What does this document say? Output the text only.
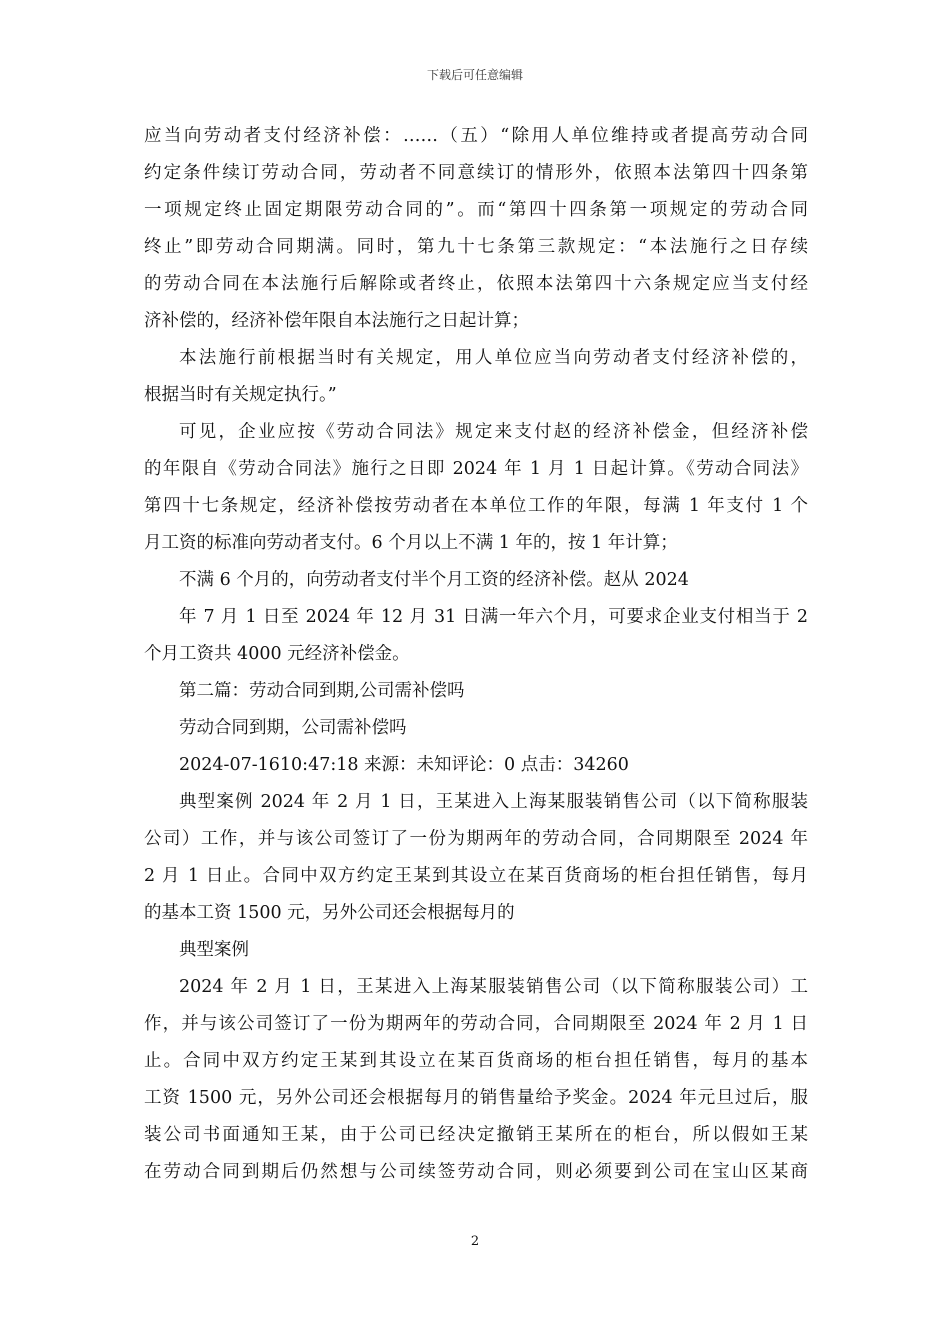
下载后可任意编辑
应当向劳动者支付经济补偿：……（五）“除用人单位维持或者提高劳动合同
约定条件续订劳动合同，劳动者不同意续订的情形外，依照本法第四十四条第
一项规定终止固定期限劳动合同的”。而“第四十四条第一项规定的劳动合同
终止”即劳动合同期满。同时，第九十七条第三款规定：“本法施行之日存续
的劳动合同在本法施行后解除或者终止，依照本法第四十六条规定应当支付经
济补偿的，经济补偿年限自本法施行之日起计算；
本法施行前根据当时有关规定，用人单位应当向劳动者支付经济补偿的，
根据当时有关规定执行。”
可见，企业应按《劳动合同法》规定来支付赵的经济补偿金，但经济补偿
的年限自《劳动合同法》施行之日即 2024 年 1 月 1 日起计算。《劳动合同法》
第四十七条规定，经济补偿按劳动者在本单位工作的年限，每满 1 年支付 1 个
月工资的标准向劳动者支付。6 个月以上不满 1 年的，按 1 年计算；
不满 6 个月的，向劳动者支付半个月工资的经济补偿。赵从 2024
年 7 月 1 日至 2024 年 12 月 31 日满一年六个月，可要求企业支付相当于 2
个月工资共 4000 元经济补偿金。
第二篇：劳动合同到期,公司需补偿吗
劳动合同到期，公司需补偿吗
2024-07-1610:47:18 来源：未知评论：0 点击：34260
典型案例 2024 年 2 月 1 日，王某进入上海某服装销售公司（以下简称服装
公司）工作，并与该公司签订了一份为期两年的劳动合同，合同期限至 2024 年
2 月 1 日止。合同中双方约定王某到其设立在某百货商场的柜台担任销售，每月
的基本工资 1500 元，另外公司还会根据每月的
典型案例
2024 年 2 月 1 日，王某进入上海某服装销售公司（以下简称服装公司）工
作，并与该公司签订了一份为期两年的劳动合同，合同期限至 2024 年 2 月 1 日
止。合同中双方约定王某到其设立在某百货商场的柜台担任销售，每月的基本
工资 1500 元，另外公司还会根据每月的销售量给予奖金。2024 年元旦过后，服
装公司书面通知王某，由于公司已经决定撤销王某所在的柜台，所以假如王某
在劳动合同到期后仍然想与公司续签劳动合同，则必须要到公司在宝山区某商
2
